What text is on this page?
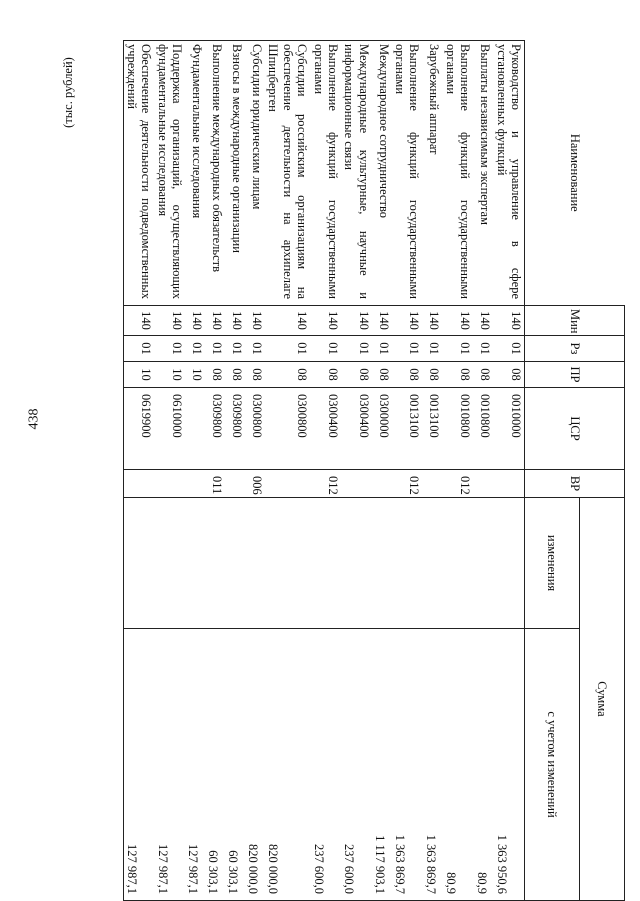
438
(тыс. рублей)
Наименование	Мин	Рз	ПР	ЦСР	ВР	Сумма	
						изменения	с учетом изменений
Руководство и управление в сфере установленных функций	140	01	08	0010000			1 363 950,6
Выплаты независимым экспертам	140	01	08	0010800			80,9
Выполнение функций государственными органами	140	01	08	0010800	012		80,9
Зарубежный аппарат	140	01	08	0013100			1 363 869,7
Выполнение функций государственными органами	140	01	08	0013100	012		1 363 869,7
Международное сотрудничество	140	01	08	0300000			1 117 903,1
Международные культурные, научные и информационные связи	140	01	08	0300400			237 600,0
Выполнение функций государственными органами	140	01	08	0300400	012		237 600,0
Субсидии российским организациям на обеспечение деятельности на архипелаге Шпицберген	140	01	08	0300800			820 000,0
Субсидии юридическим лицам	140	01	08	0300800	006		820 000,0
Взносы в международные организации	140	01	08	0309800			60 303,1
Выполнение международных обязательств	140	01	08	0309800	011		60 303,1
Фундаментальные исследования	140	01	10				127 987,1
Поддержка организаций, осуществляющих фундаментальные исследования	140	01	10	0610000			127 987,1
Обеспечение деятельности подведомственных учреждений	140	01	10	0619900			127 987,1
